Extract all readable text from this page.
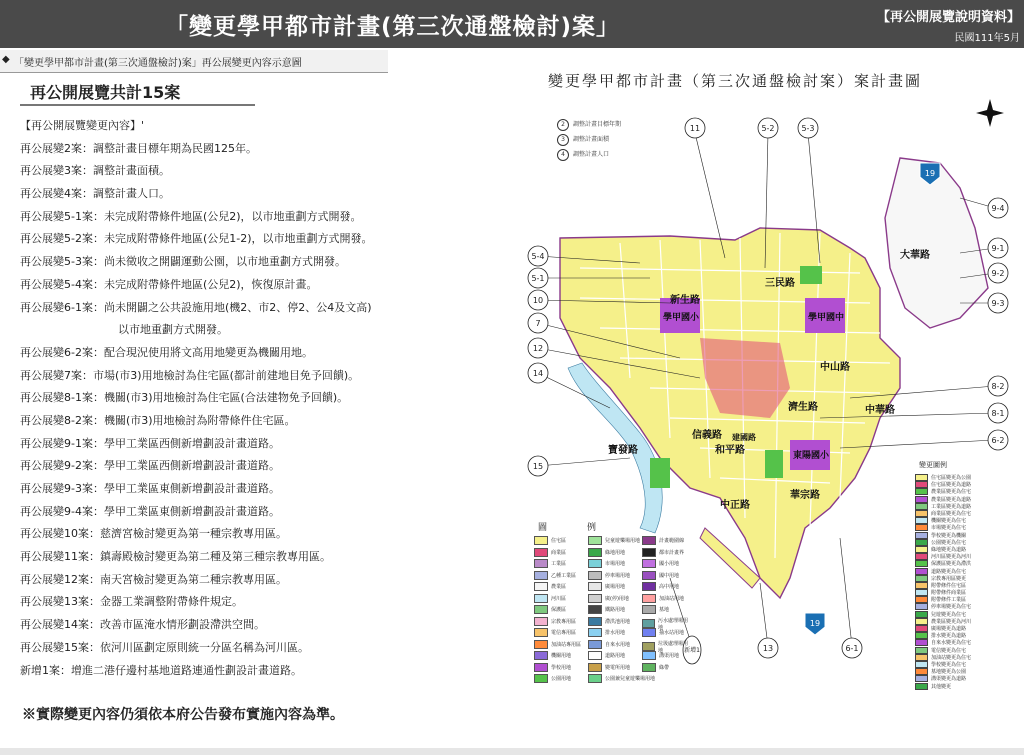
「變更學甲都市計畫(第三次通盤檢討)案」	【再公開展覽說明資料】
民國111年5月
◆ 「變更學甲都市計畫(第三次通盤檢討)案」再公展變更內容示意圖
再公開展覽共計15案
【再公開展覽變更內容】'
再公展變2案：調整計畫目標年期為民國125年。
再公展變3案：調整計畫面積。
再公展變4案：調整計畫人口。
再公展變5-1案：未完成附帶條件地區(公兒2)，以市地重劃方式開發。
再公展變5-2案：未完成附帶條件地區(公兒1-2)，以市地重劃方式開發。
再公展變5-3案：尚未徵收之開闢運動公園，以市地重劃方式開發。
再公展變5-4案：未完成附帶條件地區(公兒2)，恢復原計畫。
再公展變6-1案：尚未開闢之公共設施用地(機2、市2、停2、公4及文高)
以市地重劃方式開發。
再公展變6-2案：配合現況使用將文高用地變更為機關用地。
再公展變7案：市場(市3)用地檢討為住宅區(都計前建地目免予回饋)。
再公展變8-1案：機關(市3)用地檢討為住宅區(合法建物免予回饋)。
再公展變8-2案：機關(市3)用地檢討為附帶條件住宅區。
再公展變9-1案：學甲工業區西側新增劃設計畫道路。
再公展變9-2案：學甲工業區西側新增劃設計畫道路。
再公展變9-3案：學甲工業區東側新增劃設計畫道路。
再公展變9-4案：學甲工業區東側新增劃設計畫道路。
再公展變10案：慈濟宮檢討變更為第一種宗教專用區。
再公展變11案：鎮壽殿檢討變更為第二種及第三種宗教專用區。
再公展變12案：南天宮檢討變更為第二種宗教專用區。
再公展變13案：金器工業調整附帶條件規定。
再公展變14案：改善市區淹水情形劃設滯洪空間。
再公展變15案：依河川區劃定原則統一分區名稱為河川區。
新增1案：增進二港仔邊村基地道路連通性劃設計畫道路。
※實際變更內容仍須依本府公告發布實施內容為準。
變更學甲都市計畫（第三次通盤檢討案）案計畫圖
2	調整計畫目標年期
3	調整計畫面積
4	調整計畫人口
19
19
11	5-2	5-3
9-4
9-1
9-2
9-3
5-4
5-1
10
7
12
14
8-2
8-1
6-2
15
13	6-1
新增1
新生路
三民路
中山路
濟生路	中華路
信義路
和平路
建國路
寶發路
中正路
華宗路
大華路
學甲國小	學甲國中
東陽國小
圖例
住宅區
商業區
工業區
乙種工業區
農業區
河川區
保護區
宗教專用區
電信專用區
加油站專用區
機關用地
學校用地
公園用地
兒童遊樂場用地
綠地用地
市場用地
停車場用地
廣場用地
廣(停)用地
鐵路用地
滯洪池用地
排水用地
自來水用地
道路用地
變電所用地
公園兼兒童遊樂場用地
計畫範圍線
都市計畫界
國小用地
國中用地
高中用地
加油站用地
墓地
污水處理場用地
抽水站用地
垃圾處理場用地
溝渠用地
綠帶
變更圖例
住宅區變更為公園
住宅區變更為道路
農業區變更為住宅
農業區變更為道路
工業區變更為道路
商業區變更為住宅
機關變更為住宅
市場變更為住宅
學校變更為機關
公園變更為住宅
綠地變更為道路
河川區變更為河川
保護區變更為滯洪
道路變更為住宅
宗教專用區變更
附帶條件住宅區
附帶條件商業區
附帶條件工業區
停車場變更為住宅
兒遊變更為住宅
農業區變更為河川
廣場變更為道路
排水變更為道路
自來水變更為住宅
電信變更為住宅
加油站變更為住宅
學校變更為住宅
墓地變更為公園
溝渠變更為道路
其他變更
